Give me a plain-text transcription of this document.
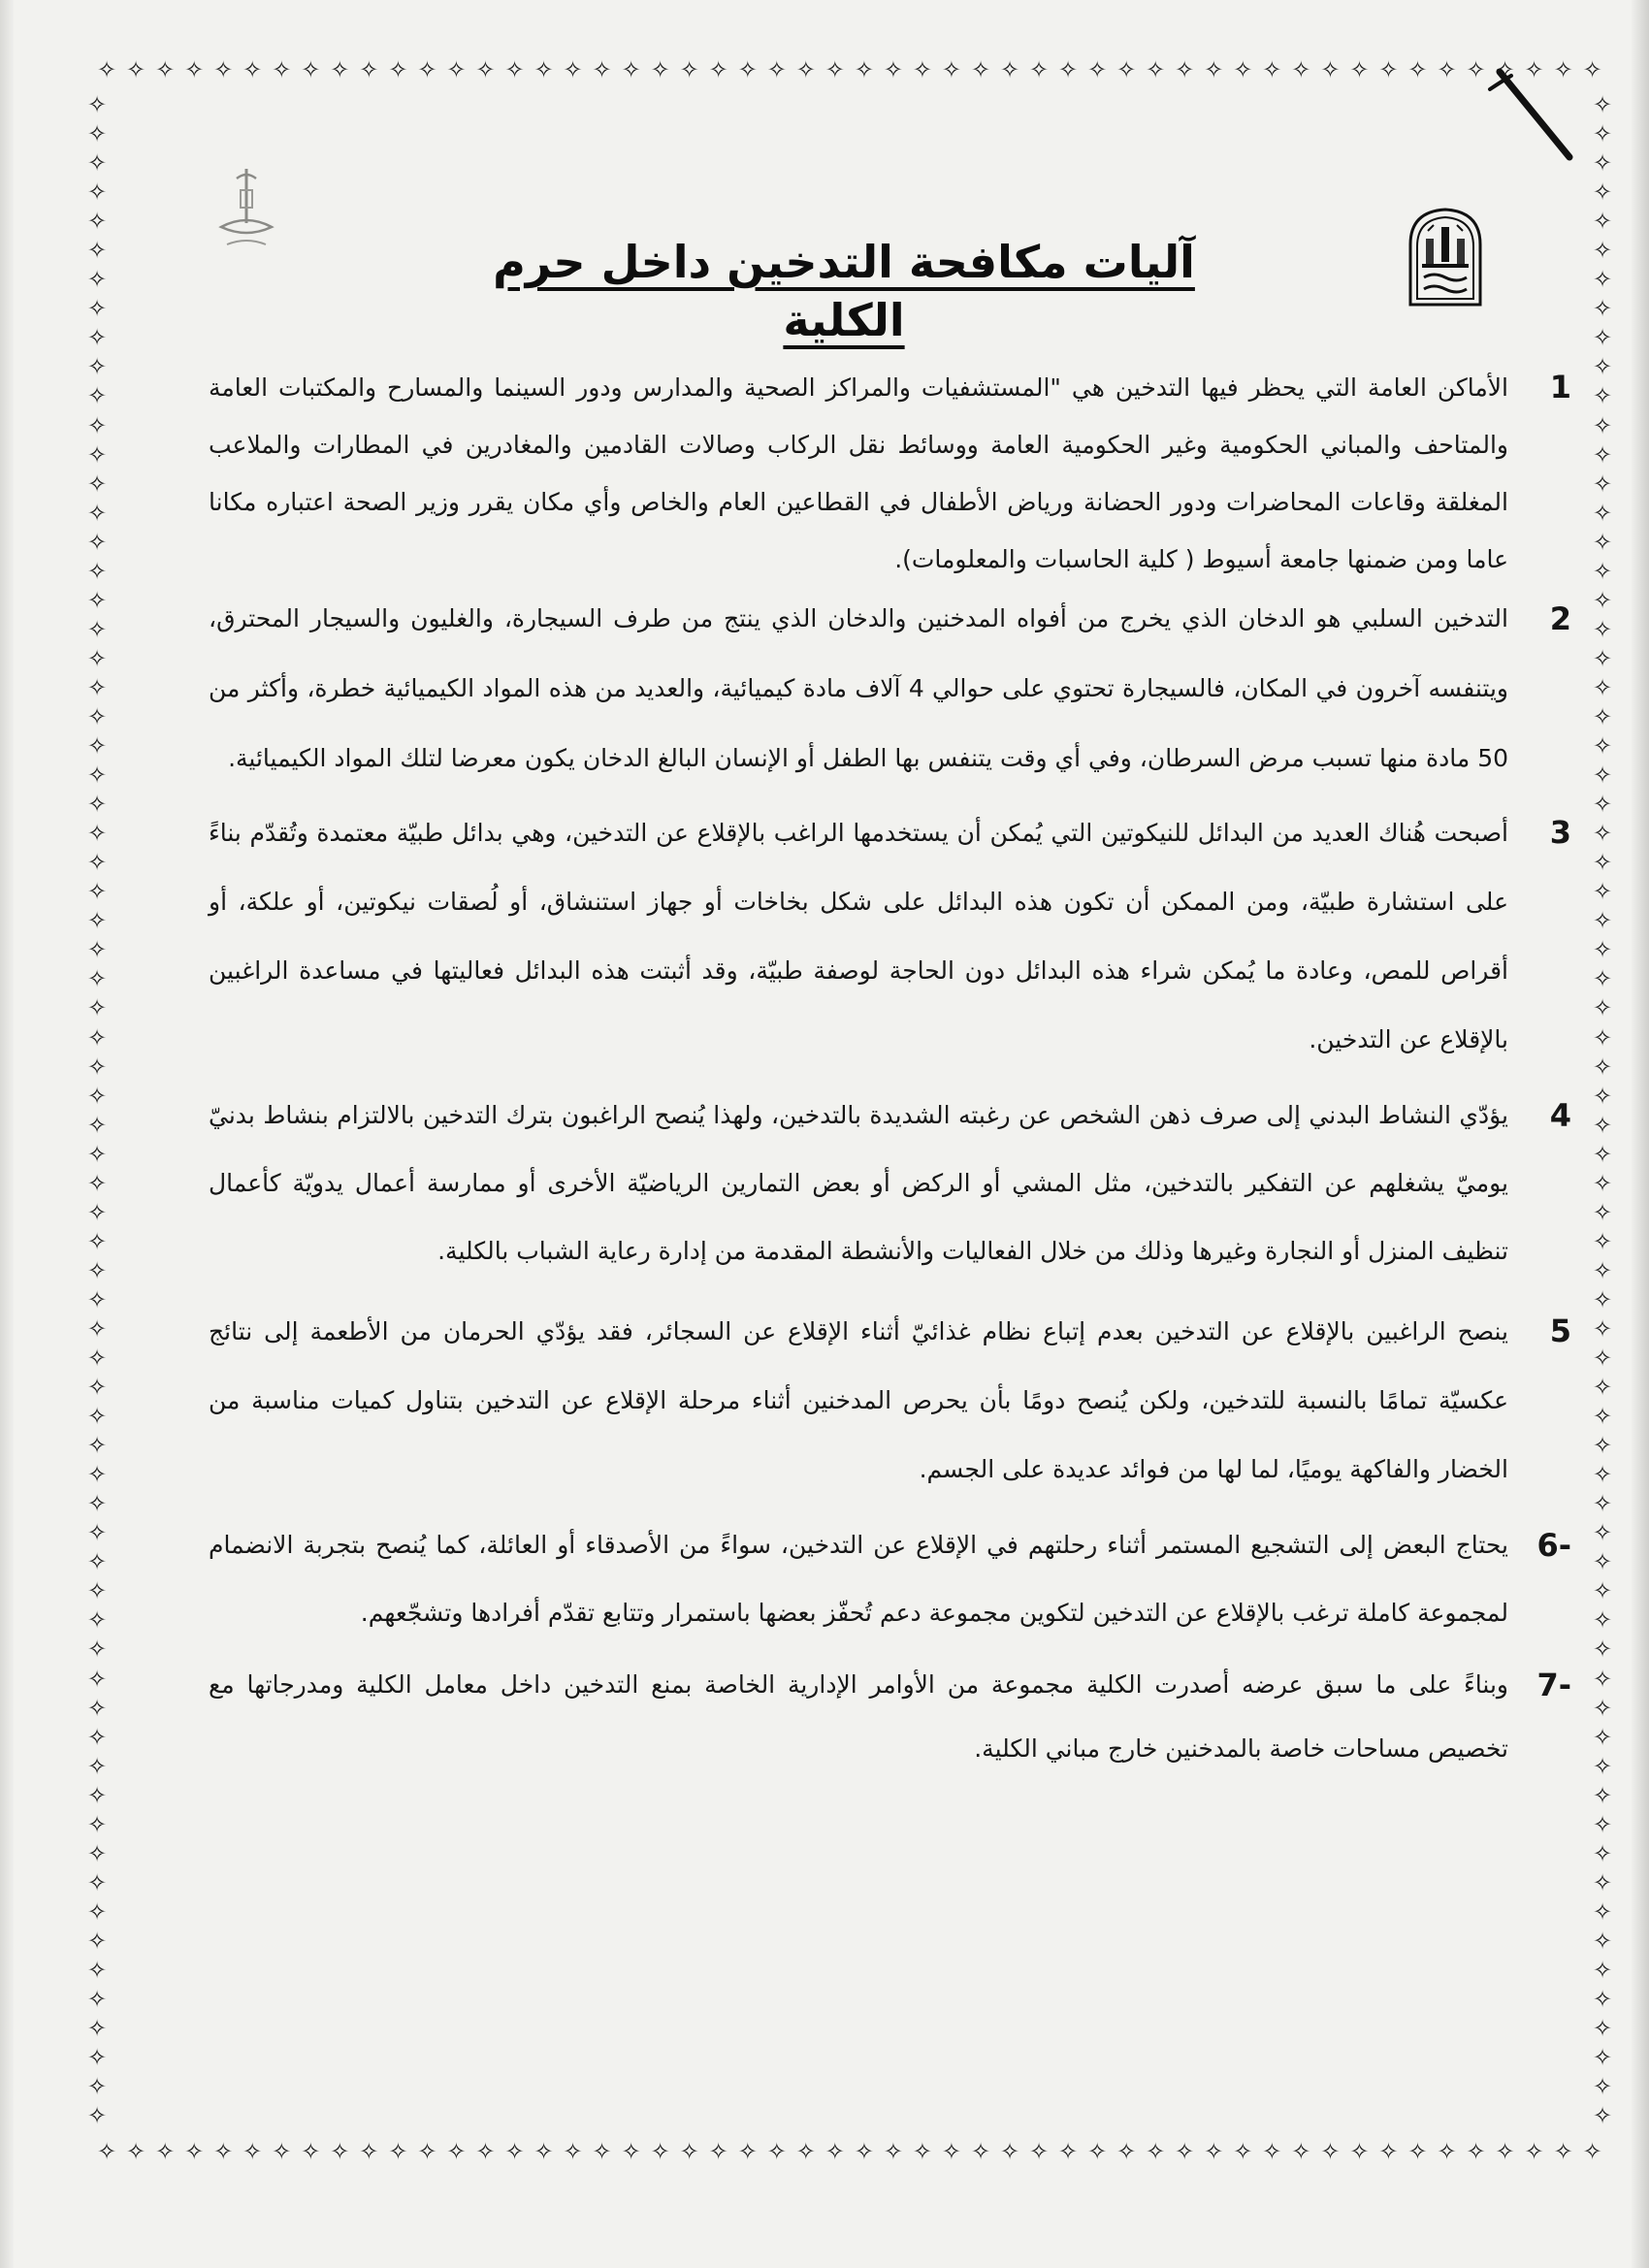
✧ ✧ ✧ ✧ ✧ ✧ ✧ ✧ ✧ ✧ ✧ ✧ ✧ ✧ ✧ ✧ ✧ ✧ ✧ ✧ ✧ ✧ ✧ ✧ ✧ ✧ ✧ ✧ ✧ ✧ ✧ ✧ ✧ ✧ ✧ ✧ ✧ ✧ ✧ ✧ ✧ ✧ ✧ ✧ ✧ ✧ ✧ ✧ ✧ ✧ ✧ ✧
✧ ✧ ✧ ✧ ✧ ✧ ✧ ✧ ✧ ✧ ✧ ✧ ✧ ✧ ✧ ✧ ✧ ✧ ✧ ✧ ✧ ✧ ✧ ✧ ✧ ✧ ✧ ✧ ✧ ✧ ✧ ✧ ✧ ✧ ✧ ✧ ✧ ✧ ✧ ✧ ✧ ✧ ✧ ✧ ✧ ✧ ✧ ✧ ✧ ✧ ✧ ✧
✧
✧
✧
✧
✧
✧
✧
✧
✧
✧
✧
✧
✧
✧
✧
✧
✧
✧
✧
✧
✧
✧
✧
✧
✧
✧
✧
✧
✧
✧
✧
✧
✧
✧
✧
✧
✧
✧
✧
✧
✧
✧
✧
✧
✧
✧
✧
✧
✧
✧
✧
✧
✧
✧
✧
✧
✧
✧
✧
✧
✧
✧
✧
✧
✧
✧
✧
✧
✧
✧
✧
✧
✧
✧
✧
✧
✧
✧
✧
✧
✧
✧
✧
✧
✧
✧
✧
✧
✧
✧
✧
✧
✧
✧
✧
✧
✧
✧
✧
✧
✧
✧
✧
✧
✧
✧
✧
✧
✧
✧
✧
✧
✧
✧
✧
✧
✧
✧
✧
✧
✧
✧
✧
✧
✧
✧
✧
✧
✧
✧
✧
✧
✧
✧
✧
✧
✧
✧
✧
✧
آليات مكافحة التدخين داخل حرم الكلية
1

الأماكن العامة التي يحظر فيها التدخين هي "المستشفيات والمراكز الصحية والمدارس ودور السينما والمسارح والمكتبات العامة والمتاحف والمباني الحكومية وغير الحكومية العامة ووسائط نقل الركاب وصالات القادمين والمغادرين في المطارات والملاعب المغلقة وقاعات المحاضرات ودور الحضانة ورياض الأطفال في القطاعين العام والخاص وأي مكان يقرر وزير الصحة اعتباره مكانا عاما ومن ضمنها جامعة أسيوط ( كلية الحاسبات والمعلومات).

2

التدخين السلبي هو الدخان الذي يخرج من أفواه المدخنين والدخان الذي ينتج من طرف السيجارة، والغليون والسيجار المحترق، ويتنفسه آخرون في المكان، فالسيجارة تحتوي على حوالي 4 آلاف مادة كيميائية، والعديد من هذه المواد الكيميائية خطرة، وأكثر من 50 مادة منها تسبب مرض السرطان، وفي أي وقت يتنفس بها الطفل أو الإنسان البالغ الدخان يكون معرضا لتلك المواد الكيميائية.

3

أصبحت هُناك العديد من البدائل للنيكوتين التي يُمكن أن يستخدمها الراغب بالإقلاع عن التدخين، وهي بدائل طبيّة معتمدة وتُقدّم بناءً على استشارة طبيّة، ومن الممكن أن تكون هذه البدائل على شكل بخاخات أو جهاز استنشاق، أو لُصقات نيكوتين، أو علكة، أو أقراص للمص، وعادة ما يُمكن شراء هذه البدائل دون الحاجة لوصفة طبيّة، وقد أثبتت هذه البدائل فعاليتها في مساعدة الراغبين بالإقلاع عن التدخين.

4

يؤدّي النشاط البدني إلى صرف ذهن الشخص عن رغبته الشديدة بالتدخين، ولهذا يُنصح الراغبون بترك التدخين بالالتزام بنشاط بدنيّ يوميّ يشغلهم عن التفكير بالتدخين، مثل المشي أو الركض أو بعض التمارين الرياضيّة الأخرى أو ممارسة أعمال يدويّة كأعمال تنظيف المنزل أو النجارة وغيرها وذلك من خلال الفعاليات والأنشطة المقدمة من إدارة رعاية الشباب بالكلية.

5

ينصح الراغبين بالإقلاع عن التدخين بعدم إتباع نظام غذائيّ أثناء الإقلاع عن السجائر، فقد يؤدّي الحرمان من الأطعمة إلى نتائج عكسيّة تمامًا بالنسبة للتدخين، ولكن يُنصح دومًا بأن يحرص المدخنين أثناء مرحلة الإقلاع عن التدخين بتناول كميات مناسبة من الخضار والفاكهة يوميًا، لما لها من فوائد عديدة على الجسم.

6-

يحتاج البعض إلى التشجيع المستمر أثناء رحلتهم في الإقلاع عن التدخين، سواءً من الأصدقاء أو العائلة، كما يُنصح بتجربة الانضمام لمجموعة كاملة ترغب بالإقلاع عن التدخين لتكوين مجموعة دعم تُحفّز بعضها باستمرار وتتابع تقدّم أفرادها وتشجّعهم.

7-

وبناءً على ما سبق عرضه أصدرت الكلية مجموعة من الأوامر الإدارية الخاصة بمنع التدخين داخل معامل الكلية ومدرجاتها مع تخصيص مساحات خاصة بالمدخنين خارج مباني الكلية.
